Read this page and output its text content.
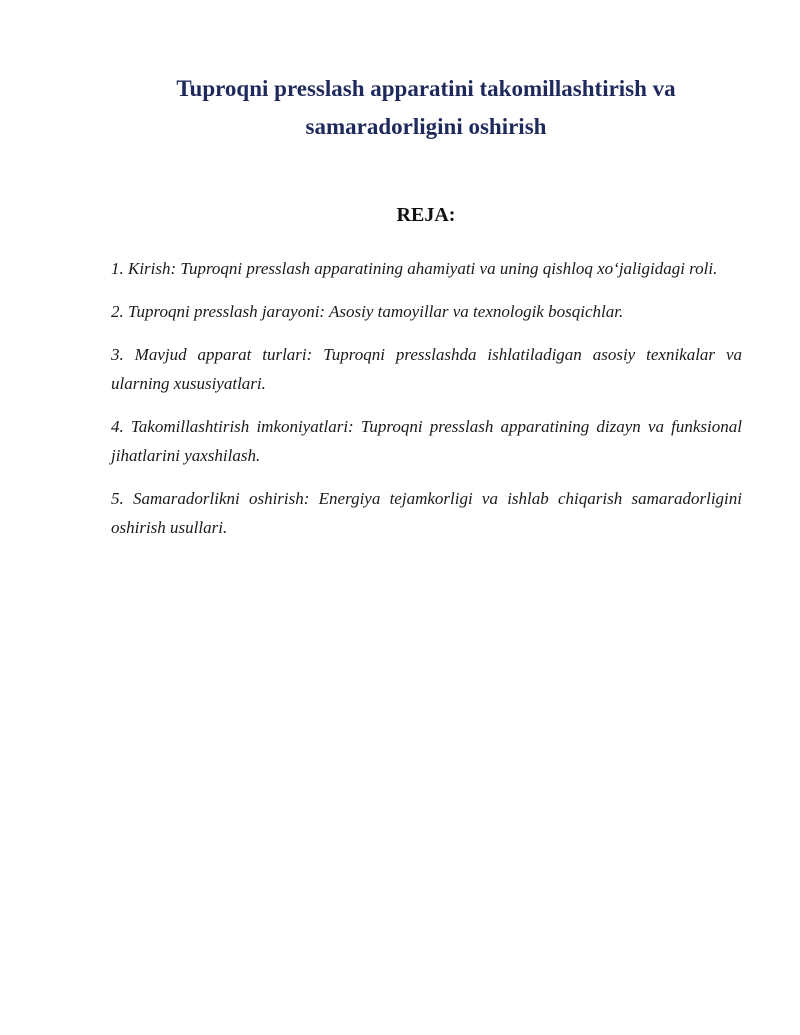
Tuproqni presslash apparatini takomillashtirish va
samaradorligini oshirish
REJA:
1. Kirish: Tuproqni presslash apparatining ahamiyati va uning qishloq xo‘jaligidagi roli.
2. Tuproqni presslash jarayoni: Asosiy tamoyillar va texnologik bosqichlar.
3. Mavjud apparat turlari: Tuproqni presslashda ishlatiladigan asosiy texnikalar va ularning xususiyatlari.
4. Takomillashtirish imkoniyatlari: Tuproqni presslash apparatining dizayn va funksional jihatlarini yaxshilash.
5. Samaradorlikni oshirish: Energiya tejamkorligi va ishlab chiqarish samaradorligini oshirish usullari.
